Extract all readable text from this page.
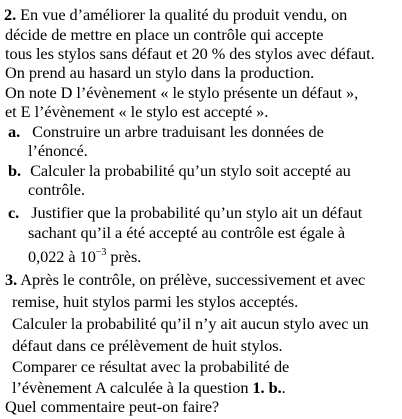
2. En vue d’améliorer la qualité du produit vendu, on
décide de mettre en place un contrôle qui accepte
tous les stylos sans défaut et 20 % des stylos avec défaut.
On prend au hasard un stylo dans la production.
On note D l’évènement « le stylo présente un défaut »,
et E l’évènement « le stylo est accepté ».
a. Construire un arbre traduisant les données de
l’énoncé.
b. Calculer la probabilité qu’un stylo soit accepté au
contrôle.
c. Justifier que la probabilité qu’un stylo ait un défaut
sachant qu’il a été accepté au contrôle est égale à
0,022 à $10^{-3}$ près.
3. Après le contrôle, on prélève, successivement et avec
remise, huit stylos parmi les stylos acceptés.
Calculer la probabilité qu’il n’y ait aucun stylo avec un
défaut dans ce prélèvement de huit stylos.
Comparer ce résultat avec la probabilité de
l’évènement A calculée à la question 1. b..
Quel commentaire peut-on faire?
